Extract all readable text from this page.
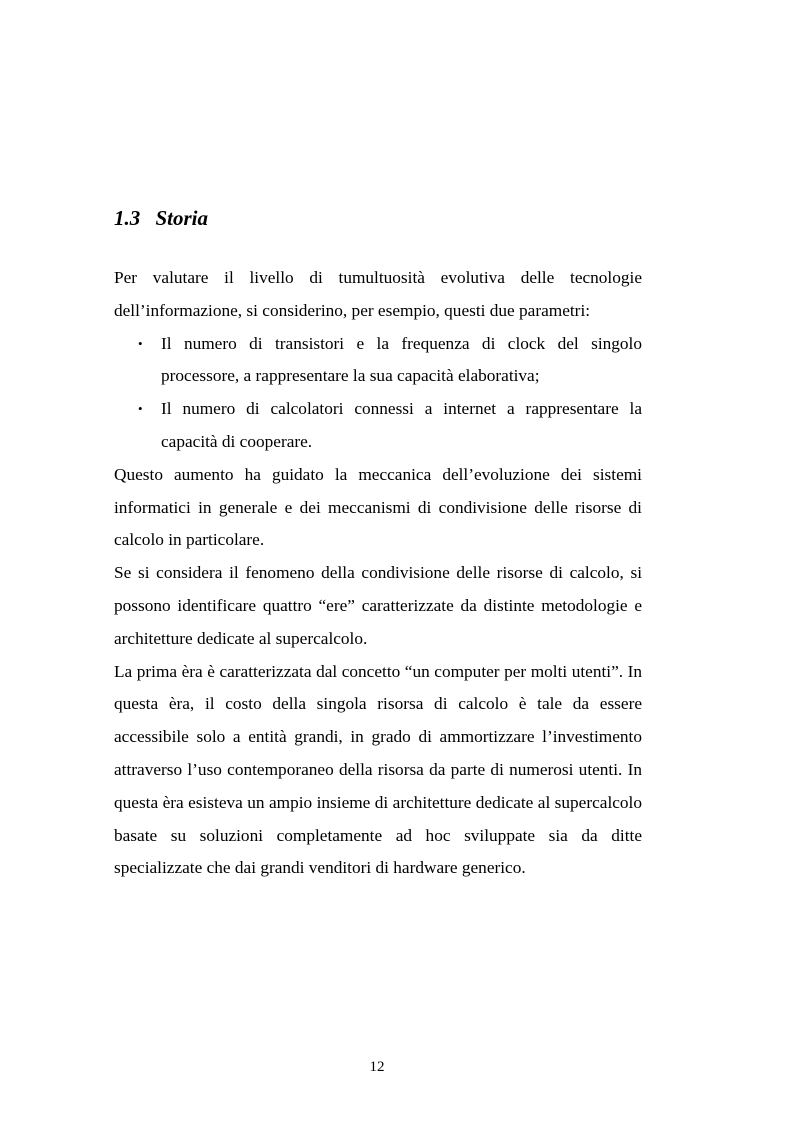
1.3 Storia

Per valutare il livello di tumultuosità evolutiva delle tecnologie dell’informazione, si considerino, per esempio, questi due parametri:

• Il numero di transistori e la frequenza di clock del singolo processore, a rappresentare la sua capacità elaborativa;
• Il numero di calcolatori connessi a internet a rappresentare la capacità di cooperare.

Questo aumento ha guidato la meccanica dell’evoluzione dei sistemi informatici in generale e dei meccanismi di condivisione delle risorse di calcolo in particolare.

Se si considera il fenomeno della condivisione delle risorse di calcolo, si possono identificare quattro “ere” caratterizzate da distinte metodologie e architetture dedicate al supercalcolo.

La prima èra è caratterizzata dal concetto “un computer per molti utenti”. In questa èra, il costo della singola risorsa di calcolo è tale da essere accessibile solo a entità grandi, in grado di ammortizzare l’investimento attraverso l’uso contemporaneo della risorsa da parte di numerosi utenti. In questa èra esisteva un ampio insieme di architetture dedicate al supercalcolo basate su soluzioni completamente ad hoc sviluppate sia da ditte specializzate che dai grandi venditori di hardware generico.

12
